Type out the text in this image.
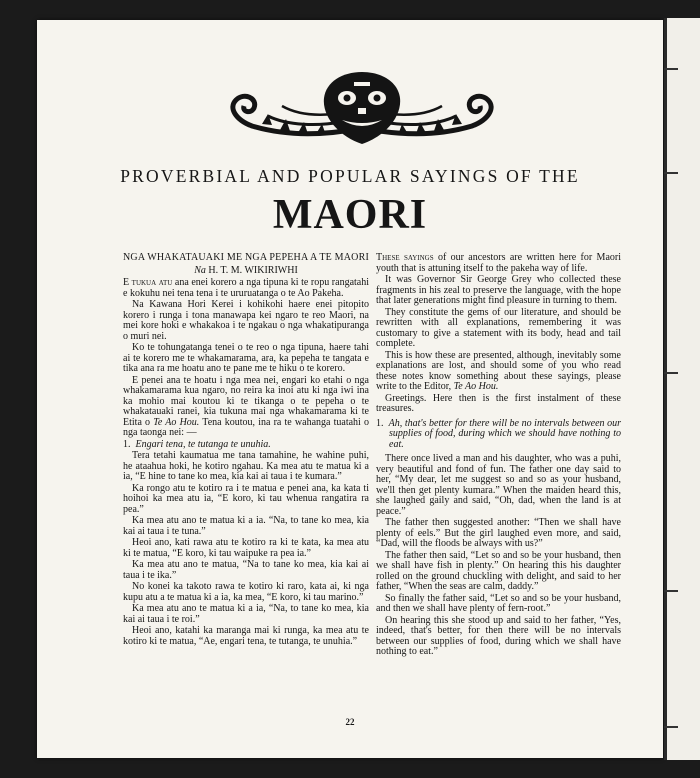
PROVERBIAL AND POPULAR SAYINGS OF THE
MAORI

NGA WHAKATAUAKI ME NGA PEPEHA A TE MAORI

Na H. T. M. WIKIRIWHI

E tukua atu ana enei korero a nga tipuna ki te ropu rangatahi e kokuhu nei tena tena i te ururuatanga o te Ao Pakeha.

Na Kawana Hori Kerei i kohikohi haere enei pitopito korero i runga i tona manawapa kei ngaro te reo Maori, na mei kore hoki e whakakoa i te ngakau o nga whakatipuranga o muri nei.

Ko te tohungatanga tenei o te reo o nga tipuna, haere tahi ai te korero me te whakamarama, ara, ka pepeha te tangata e tika ana ra me hoatu ano te pane me te hiku o te korero.

E penei ana te hoatu i nga mea nei, engari ko etahi o nga whakamarama kua ngaro, no reira ka inoi atu ki nga iwi ina ka mohio mai koutou ki te tikanga o te pepeha o te whakatauaki ranei, kia tukuna mai nga whakamarama ki te Etita o Te Ao Hou. Tena koutou, ina ra te wahanga tuatahi o nga taonga nei: —

1. Engari tena, te tutanga te unuhia.

Tera tetahi kaumatua me tana tamahine, he wahine puhi, he ataahua hoki, he kotiro ngahau. Ka mea atu te matua ki a ia, “E hine to tane ko mea, kia kai ai taua i te kumara.”

Ka rongo atu te kotiro ra i te matua e penei ana, ka kata ti hoihoi ka mea atu ia, “E koro, ki tau whenua rangatira ra pea.”

Ka mea atu ano te matua ki a ia. “Na, to tane ko mea, kia kai ai taua i te tuna.”

Heoi ano, kati rawa atu te kotiro ra ki te kata, ka mea atu ki te matua, “E koro, ki tau waipuke ra pea ia.”

Ka mea atu ano te matua, “Na to tane ko mea, kia kai ai taua i te ika.”

No konei ka takoto rawa te kotiro ki raro, kata ai, ki nga kupu atu a te matua ki a ia, ka mea, “E koro, ki tau marino.”

Ka mea atu ano te matua ki a ia, “Na, to tane ko mea, kia kai ai taua i te roi.”

Heoi ano, katahi ka maranga mai ki runga, ka mea atu te kotiro ki te matua, “Ae, engari tena, te tutanga, te unuhia.”

These sayings of our ancestors are written here for Maori youth that is attuning itself to the pakeha way of life.

It was Governor Sir George Grey who collected these fragments in his zeal to preserve the language, with the hope that later generations might find pleasure in turning to them.

They constitute the gems of our literature, and should be rewritten with all explanations, remembering it was customary to give a statement with its body, head and tail complete.

This is how these are presented, although, inevitably some explanations are lost, and should some of you who read these notes know something about these sayings, please write to the Editor, Te Ao Hou.

Greetings. Here then is the first instalment of these treasures.

1. Ah, that's better for there will be no intervals between our supplies of food, during which we should have nothing to eat.

There once lived a man and his daughter, who was a puhi, very beautiful and fond of fun. The father one day said to her, “My dear, let me suggest so and so as your husband, we'll then get plenty kumara.” When the maiden heard this, she laughed gaily and said, “Oh, dad, when the land is at peace.”

The father then suggested another: “Then we shall have plenty of eels.” But the girl laughed even more, and said, “Dad, will the floods be always with us?”

The father then said, “Let so and so be your husband, then we shall have fish in plenty.” On hearing this his daughter rolled on the ground chuckling with delight, and said to her father, “When the seas are calm, daddy.”

So finally the father said, “Let so and so be your husband, and then we shall have plenty of fern-root.”

On hearing this she stood up and said to her father, “Yes, indeed, that's better, for then there will be no intervals between our supplies of food, during which we shall have nothing to eat.”

22
